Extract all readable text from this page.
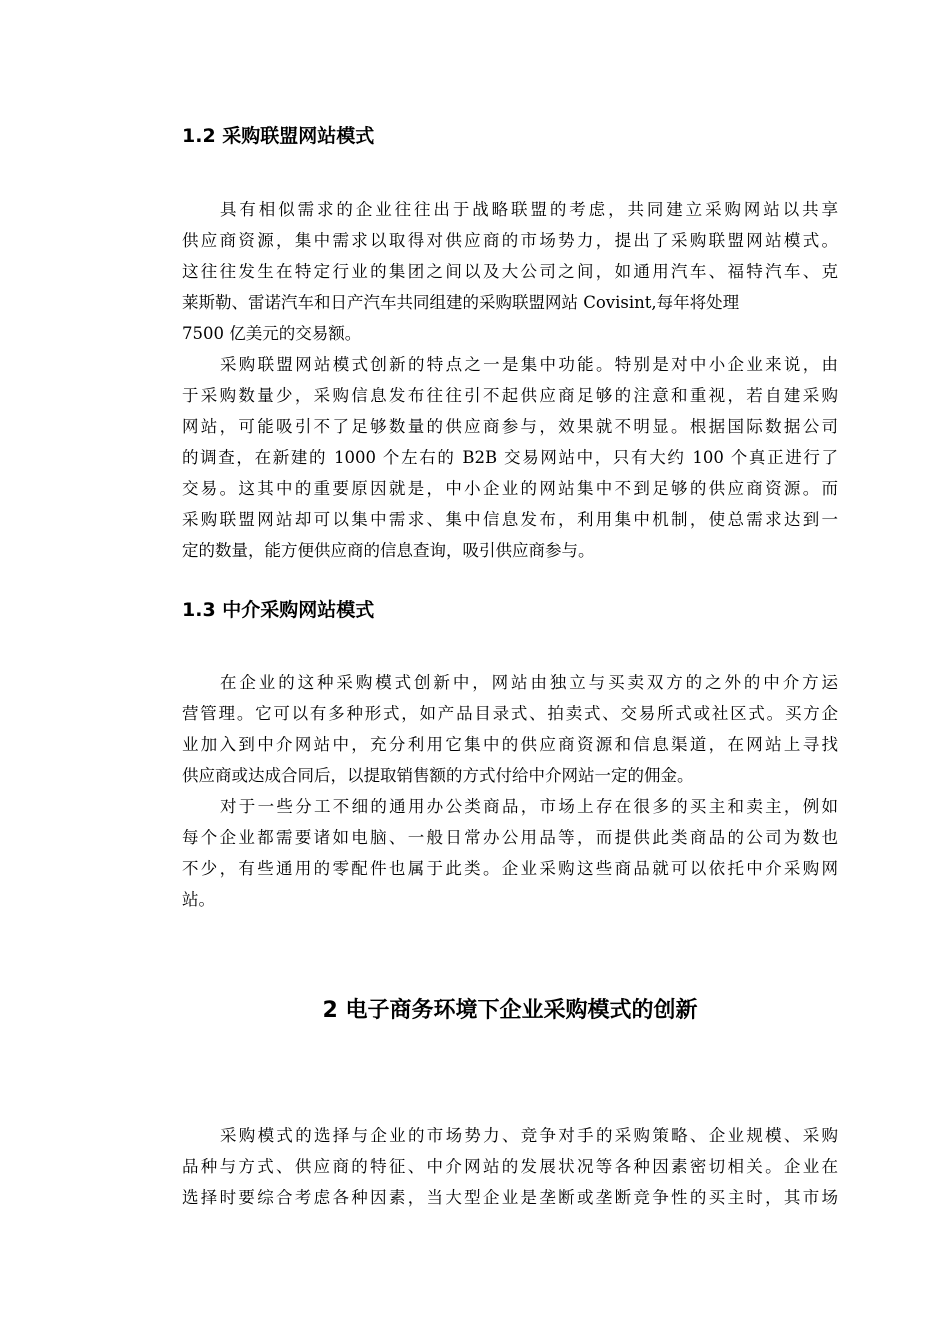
1.2 采购联盟网站模式
具有相似需求的企业往往出于战略联盟的考虑，共同建立采购网站以共享
供应商资源，集中需求以取得对供应商的市场势力，提出了采购联盟网站模式。
这往往发生在特定行业的集团之间以及大公司之间，如通用汽车、福特汽车、克
莱斯勒、雷诺汽车和日产汽车共同组建的采购联盟网站 Covisint,每年将处理
7500 亿美元的交易额。
采购联盟网站模式创新的特点之一是集中功能。特别是对中小企业来说，由
于采购数量少，采购信息发布往往引不起供应商足够的注意和重视，若自建采购
网站，可能吸引不了足够数量的供应商参与，效果就不明显。根据国际数据公司
的调查，在新建的 1000 个左右的 B2B 交易网站中，只有大约 100 个真正进行了
交易。这其中的重要原因就是，中小企业的网站集中不到足够的供应商资源。而
采购联盟网站却可以集中需求、集中信息发布，利用集中机制，使总需求达到一
定的数量，能方便供应商的信息查询，吸引供应商参与。
1.3 中介采购网站模式
在企业的这种采购模式创新中，网站由独立与买卖双方的之外的中介方运
营管理。它可以有多种形式，如产品目录式、拍卖式、交易所式或社区式。买方企
业加入到中介网站中，充分利用它集中的供应商资源和信息渠道，在网站上寻找
供应商或达成合同后，以提取销售额的方式付给中介网站一定的佣金。
对于一些分工不细的通用办公类商品，市场上存在很多的买主和卖主，例如
每个企业都需要诸如电脑、一般日常办公用品等，而提供此类商品的公司为数也
不少，有些通用的零配件也属于此类。企业采购这些商品就可以依托中介采购网
站。
2 电子商务环境下企业采购模式的创新
采购模式的选择与企业的市场势力、竞争对手的采购策略、企业规模、采购
品种与方式、供应商的特征、中介网站的发展状况等各种因素密切相关。企业在
选择时要综合考虑各种因素，当大型企业是垄断或垄断竞争性的买主时，其市场
